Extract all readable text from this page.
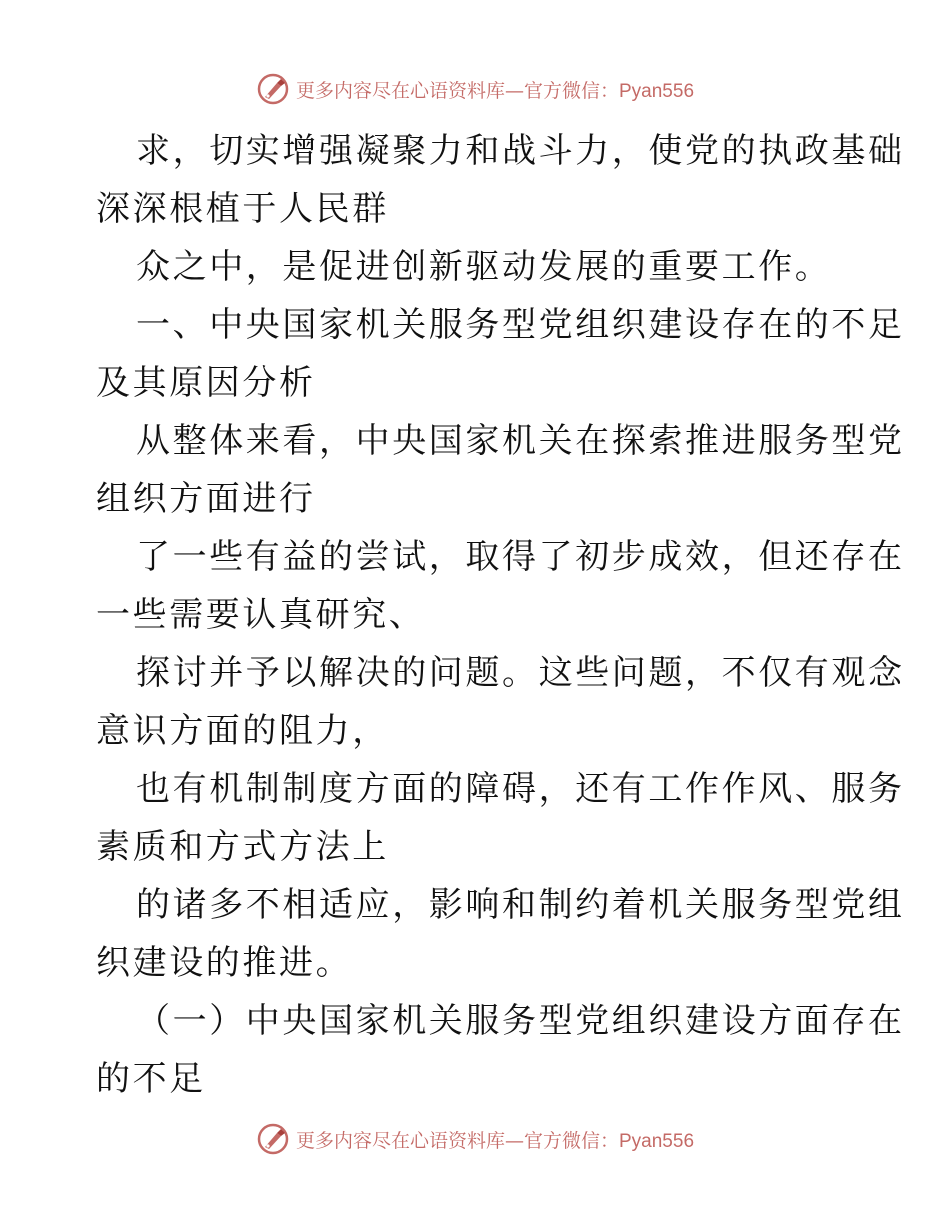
更多内容尽在心语资料库—官方微信：Pyan556
求，切实增强凝聚力和战斗力，使党的执政基础
深深根植于人民群
众之中，是促进创新驱动发展的重要工作。
一、中央国家机关服务型党组织建设存在的不足
及其原因分析
从整体来看，中央国家机关在探索推进服务型党
组织方面进行
了一些有益的尝试，取得了初步成效，但还存在
一些需要认真研究、
探讨并予以解决的问题。这些问题，不仅有观念
意识方面的阻力，
也有机制制度方面的障碍，还有工作作风、服务
素质和方式方法上
的诸多不相适应，影响和制约着机关服务型党组
织建设的推进。
（一）中央国家机关服务型党组织建设方面存在
的不足
更多内容尽在心语资料库—官方微信：Pyan556
